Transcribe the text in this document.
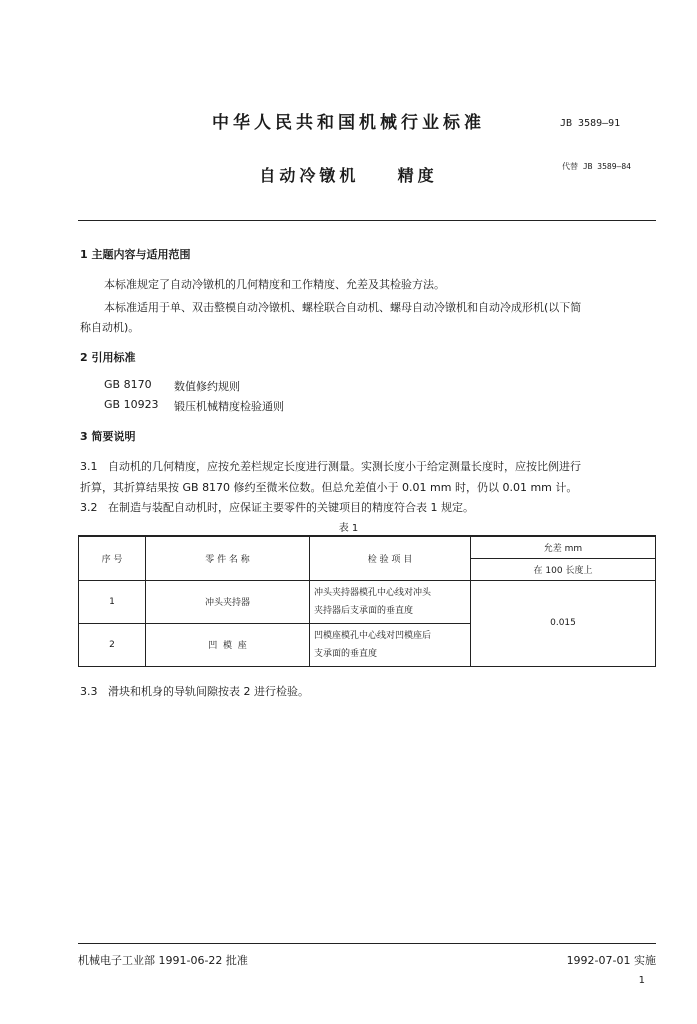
中华人民共和国机械行业标准	JB 3589—91
自动冷镦机    精度	代替 JB 3589—84
1 主题内容与适用范围
本标准规定了自动冷镦机的几何精度和工作精度、允差及其检验方法。
本标准适用于单、双击整模自动冷镦机、螺栓联合自动机、螺母自动冷镦机和自动冷成形机(以下简
称自动机)。
2 引用标准
GB 8170 数值修约规则
GB 10923 锻压机械精度检验通则
3 简要说明
3.1   自动机的几何精度，应按允差栏规定长度进行测量。实测长度小于给定测量长度时，应按比例进行
折算，其折算结果按 GB 8170 修约至微米位数。但总允差值小于 0.01 mm 时，仍以 0.01 mm 计。
3.2   在制造与装配自动机时，应保证主要零件的关键项目的精度符合表 1 规定。
表 1
序 号	零 件 名 称	检 验 项 目	允差 mm
			在 100 长度上
1	冲头夹持器	冲头夹持器模孔中心线对冲头
夹持器后支承面的垂直度	0.015
2	凹  模  座	凹模座模孔中心线对凹模座后
支承面的垂直度	
3.3   滑块和机身的导轨间隙按表 2 进行检验。
机械电子工业部 1991-06-22 批准	1992-07-01 实施
1
